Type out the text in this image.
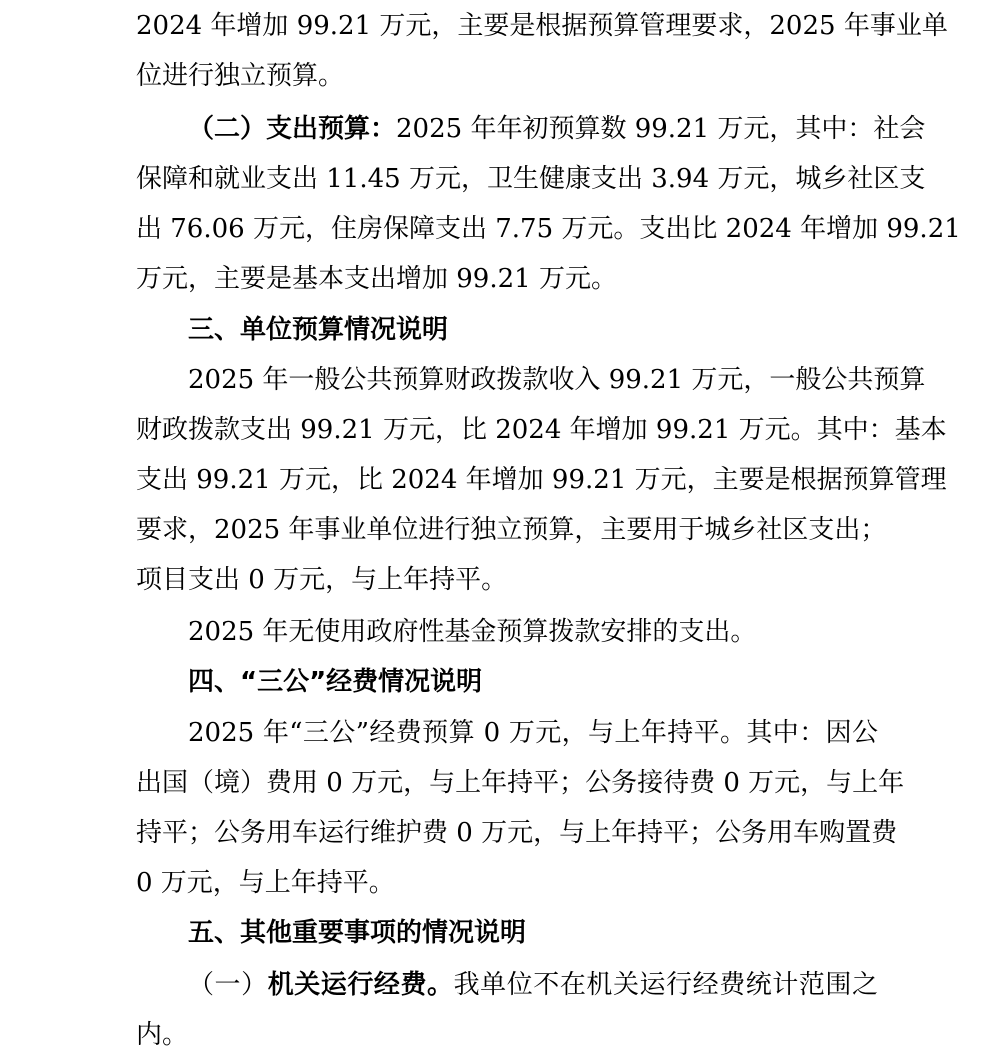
2024 年增加 99.21 万元，主要是根据预算管理要求，2025 年事业单
位进行独立预算。
（二）支出预算：2025 年年初预算数 99.21 万元，其中：社会
保障和就业支出 11.45 万元，卫生健康支出 3.94 万元，城乡社区支
出 76.06 万元，住房保障支出 7.75 万元。支出比 2024 年增加 99.21
万元，主要是基本支出增加 99.21 万元。
三、单位预算情况说明
2025 年一般公共预算财政拨款收入 99.21 万元，一般公共预算
财政拨款支出 99.21 万元，比 2024 年增加 99.21 万元。其中：基本
支出 99.21 万元，比 2024 年增加 99.21 万元，主要是根据预算管理
要求，2025 年事业单位进行独立预算，主要用于城乡社区支出；
项目支出 0 万元，与上年持平。
2025 年无使用政府性基金预算拨款安排的支出。
四、“三公”经费情况说明
2025 年“三公”经费预算 0 万元，与上年持平。其中：因公
出国（境）费用 0 万元，与上年持平；公务接待费 0 万元，与上年
持平；公务用车运行维护费 0 万元，与上年持平；公务用车购置费
0 万元，与上年持平。
五、其他重要事项的情况说明
（一）机关运行经费。我单位不在机关运行经费统计范围之
内。
